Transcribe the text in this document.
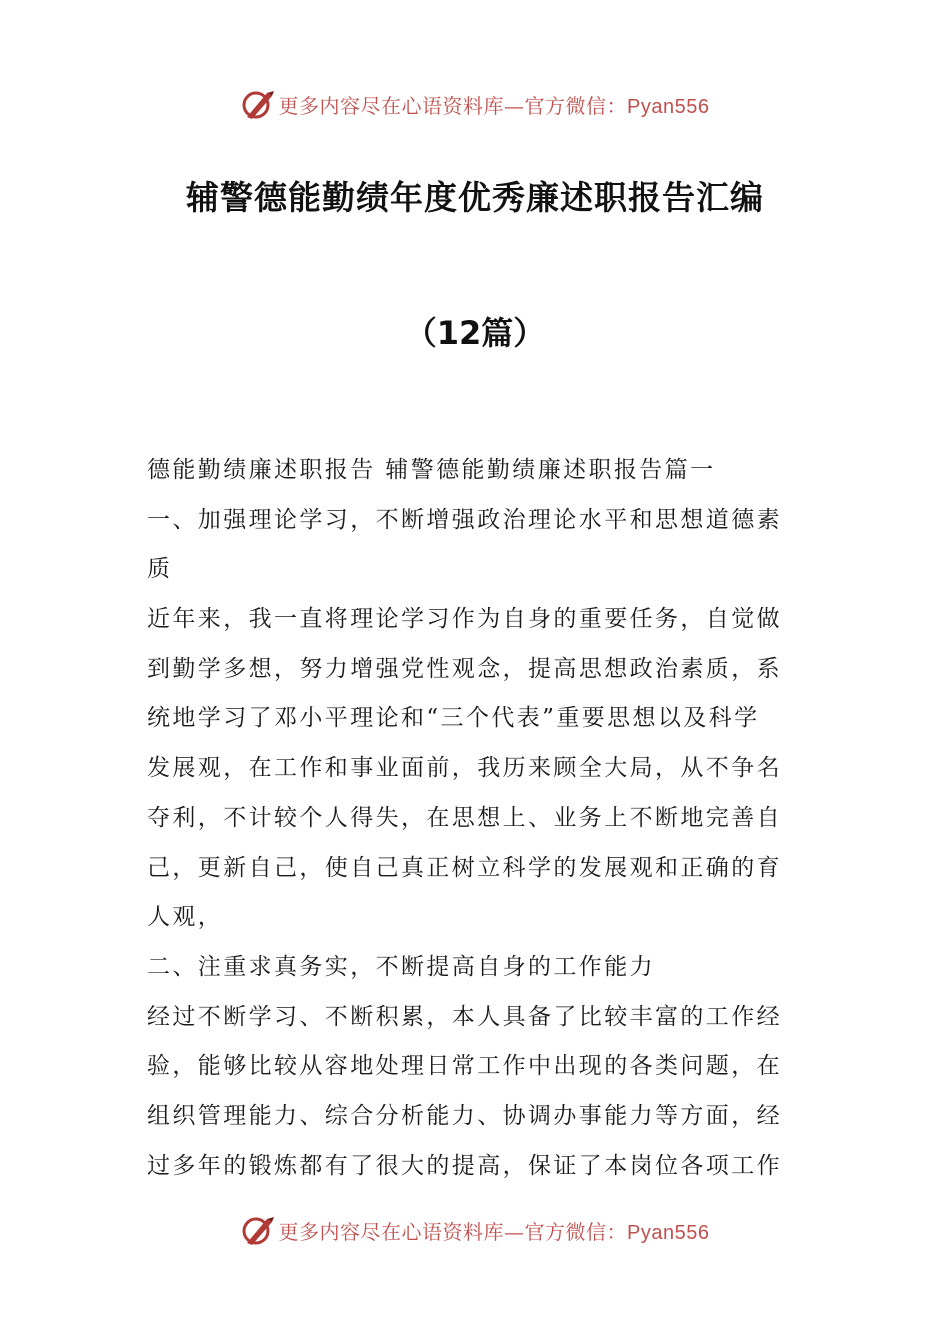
更多内容尽在心语资料库—官方微信：Pyan556
辅警德能勤绩年度优秀廉述职报告汇编
（12篇）
德能勤绩廉述职报告 辅警德能勤绩廉述职报告篇一
一、加强理论学习，不断增强政治理论水平和思想道德素
质
近年来，我一直将理论学习作为自身的重要任务，自觉做
到勤学多想，努力增强党性观念，提高思想政治素质，系
统地学习了邓小平理论和“三个代表”重要思想以及科学
发展观，在工作和事业面前，我历来顾全大局，从不争名
夺利，不计较个人得失，在思想上、业务上不断地完善自
己，更新自己，使自己真正树立科学的发展观和正确的育
人观，
二、注重求真务实，不断提高自身的工作能力
经过不断学习、不断积累，本人具备了比较丰富的工作经
验，能够比较从容地处理日常工作中出现的各类问题，在
组织管理能力、综合分析能力、协调办事能力等方面，经
过多年的锻炼都有了很大的提高，保证了本岗位各项工作
更多内容尽在心语资料库—官方微信：Pyan556
